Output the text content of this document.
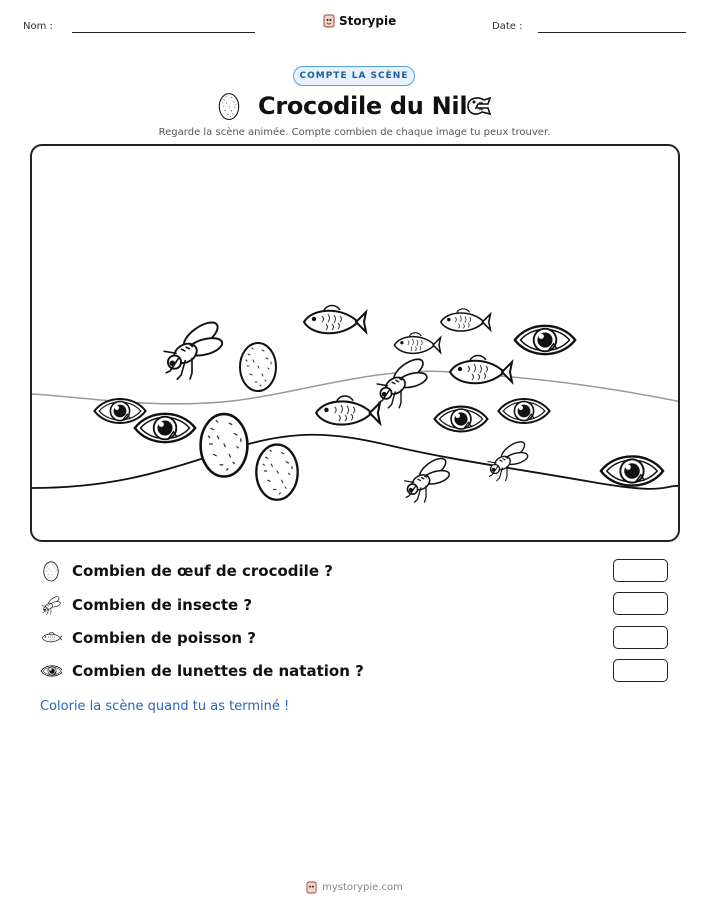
Nom :	Storypie	Date :
COMPTE LA SCÈNE
Crocodile du Nil
Regarde la scène animée. Compte combien de chaque image tu peux trouver.
Combien de œuf de crocodile ?
Combien de insecte ?
Combien de poisson ?
Combien de lunettes de natation ?
Colorie la scène quand tu as terminé !
mystorypie.com
